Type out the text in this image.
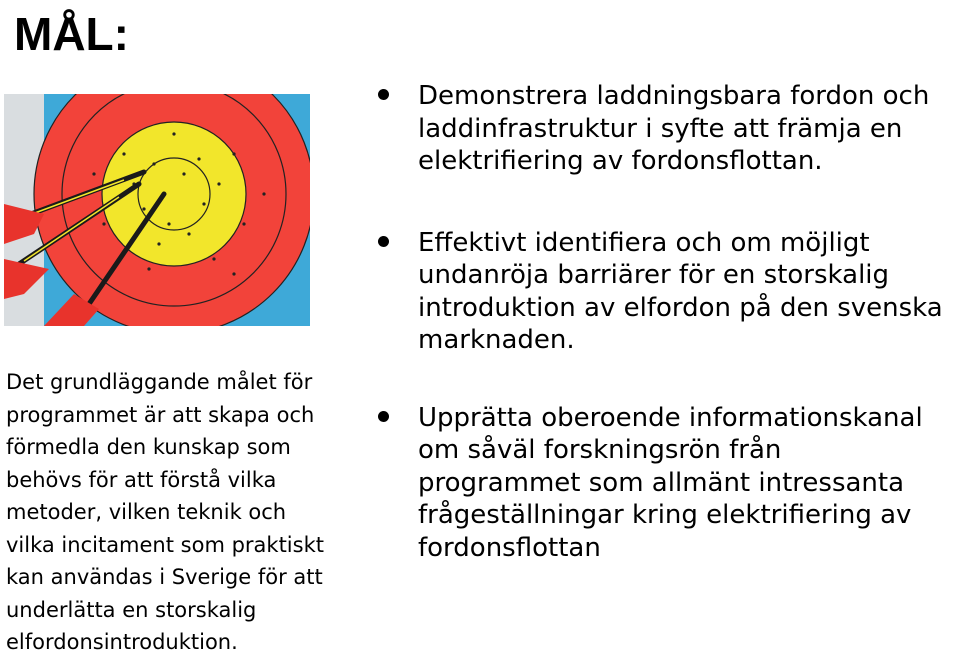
MÅL:
Det grundläggande målet för
programmet är att skapa och
förmedla den kunskap som
behövs för att förstå vilka
metoder, vilken teknik och
vilka incitament som praktiskt
kan användas i Sverige för att
underlätta en storskalig
elfordonsintroduktion.
Demonstrera laddningsbara fordon och
laddinfrastruktur i syfte att främja en
elektrifiering av fordonsflottan.
Effektivt identifiera och om möjligt
undanröja barriärer för en storskalig
introduktion av elfordon på den svenska
marknaden.
Upprätta oberoende informationskanal
om såväl forskningsrön från
programmet som allmänt intressanta
frågeställningar kring elektrifiering av
fordonsflottan
